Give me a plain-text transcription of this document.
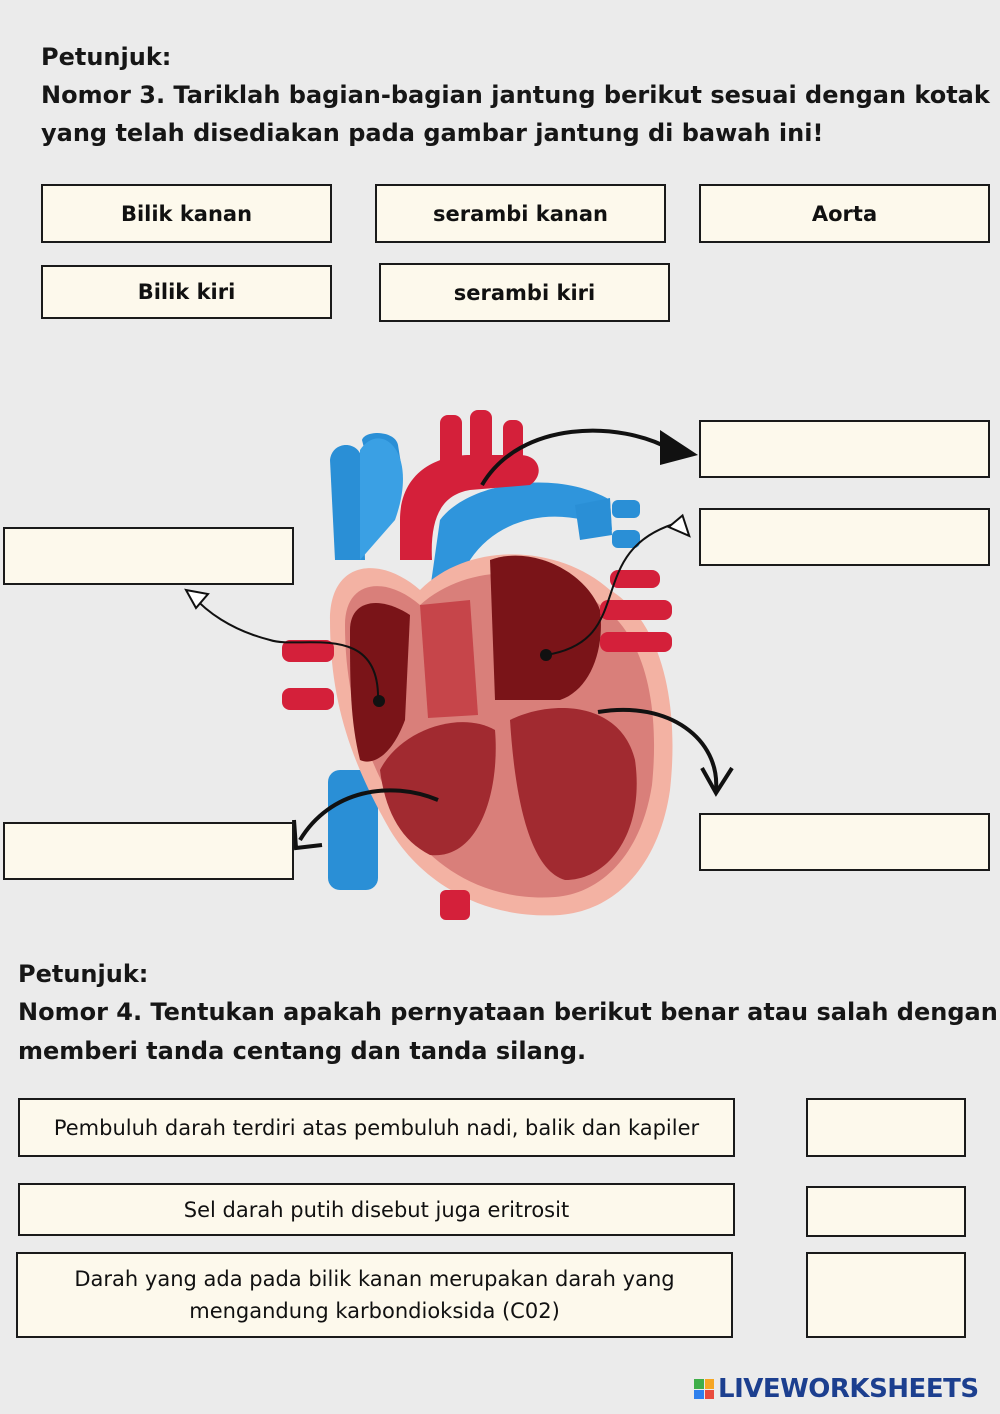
Petunjuk:
Nomor 3. Tariklah bagian-bagian jantung berikut sesuai dengan kotak
yang telah disediakan pada gambar jantung di bawah ini!
Bilik kanan	serambi kanan	Aorta
Bilik kiri	serambi kiri
Petunjuk:
Nomor 4. Tentukan apakah pernyataan berikut benar atau salah dengan
memberi tanda centang dan tanda silang.
Pembuluh darah terdiri atas pembuluh nadi, balik dan kapiler
Sel darah putih disebut juga eritrosit
Darah yang ada pada bilik kanan merupakan darah yang
mengandung karbondioksida (C02)
LIVEWORKSHEETS
